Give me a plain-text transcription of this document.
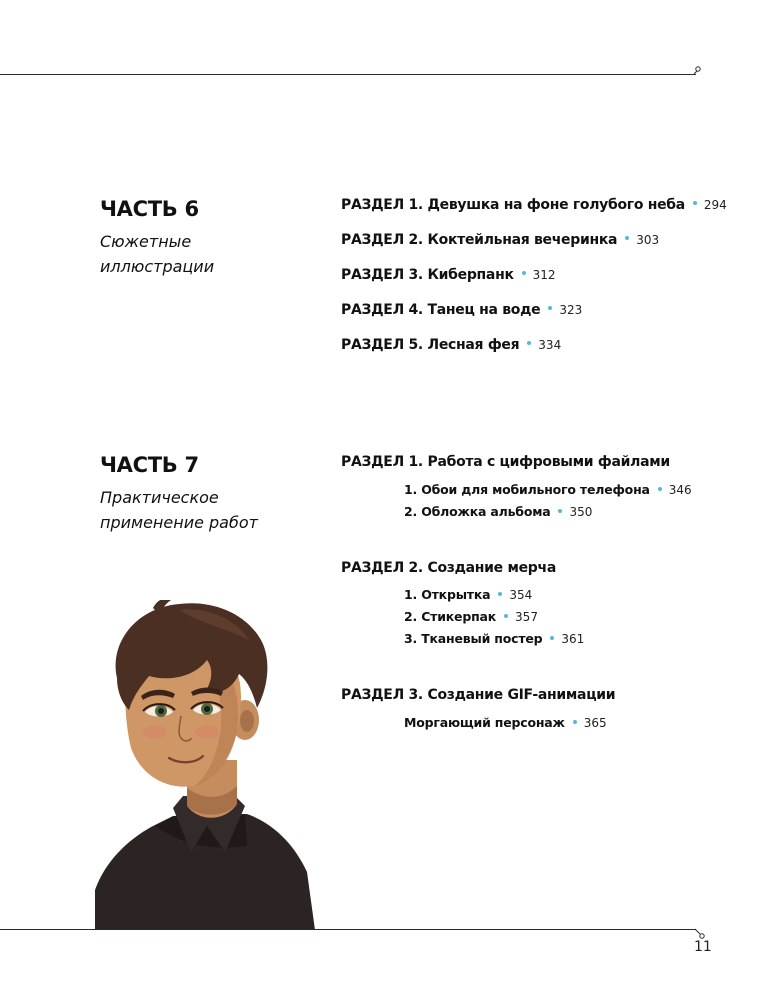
ЧАСТЬ 6
Сюжетные
иллюстрации
РАЗДЕЛ 1. Девушка на фоне голубого неба 294
РАЗДЕЛ 2. Коктейльная вечеринка 303
РАЗДЕЛ 3. Киберпанк 312
РАЗДЕЛ 4. Танец на воде 323
РАЗДЕЛ 5. Лесная фея 334
ЧАСТЬ 7
Практическое
применение работ
РАЗДЕЛ 1. Работа с цифровыми файлами
1. Обои для мобильного телефона 346
2. Обложка альбома 350
РАЗДЕЛ 2. Создание мерча
1. Открытка 354
2. Стикерпак 357
3. Тканевый постер 361
РАЗДЕЛ 3. Создание GIF-анимации
Моргающий персонаж 365
11
